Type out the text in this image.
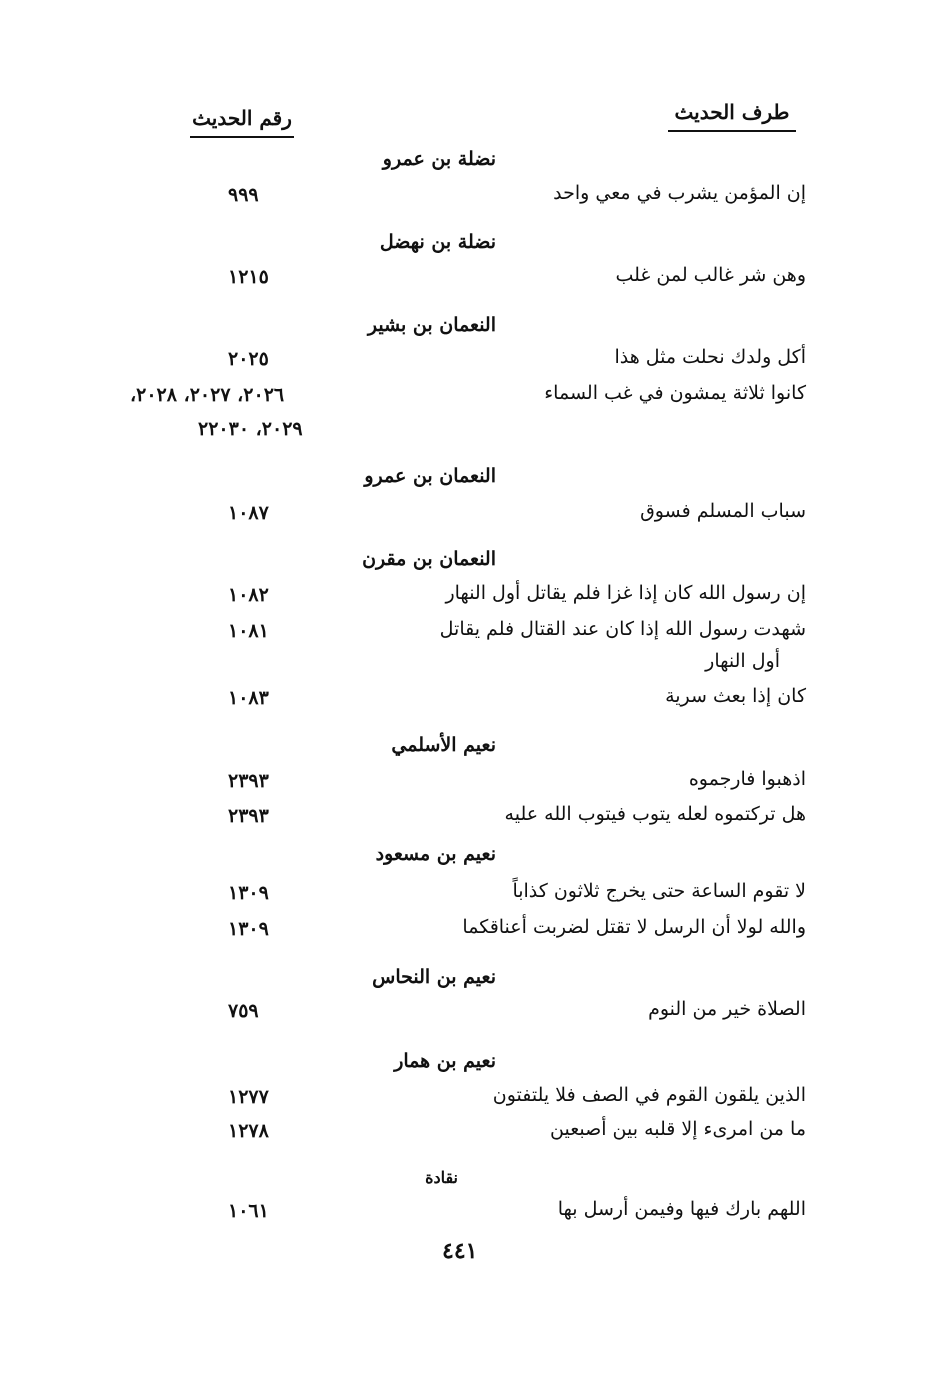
طرف الحديث
رقم الحديث
نضلة بن عمرو
إن المؤمن يشرب في معي واحد
٩٩٩
نضلة بن نهضل
وهن شر غالب لمن غلب
١٢١٥
النعمان بن بشير
أكل ولدك نحلت مثل هذا
٢٠٢٥
كانوا ثلاثة يمشون في غب السماء
٢٠٢٦، ٢٠٢٧، ٢٠٢٨،
٢٠٢٩، ٢٢٠٣٠
النعمان بن عمرو
سباب المسلم فسوق
١٠٨٧
النعمان بن مقرن
إن رسول الله كان إذا غزا فلم يقاتل أول النهار
١٠٨٢
شهدت رسول الله إذا كان عند القتال فلم يقاتل
١٠٨١
أول النهار
كان إذا بعث سرية
١٠٨٣
نعيم الأسلمي
اذهبوا فارجموه
٢٣٩٣
هل تركتموه لعله يتوب فيتوب الله عليه
٢٣٩٣
نعيم بن مسعود
لا تقوم الساعة حتى يخرج ثلاثون كذاباً
١٣٠٩
والله لولا أن الرسل لا تقتل لضربت أعناقكما
١٣٠٩
نعيم بن النحاس
الصلاة خير من النوم
٧٥٩
نعيم بن همار
الذين يلقون القوم في الصف فلا يلتفتون
١٢٧٧
ما من امرىء إلا قلبه بين أصبعين
١٢٧٨
نقادة
اللهم بارك فيها وفيمن أرسل بها
١٠٦١
٤٤١
